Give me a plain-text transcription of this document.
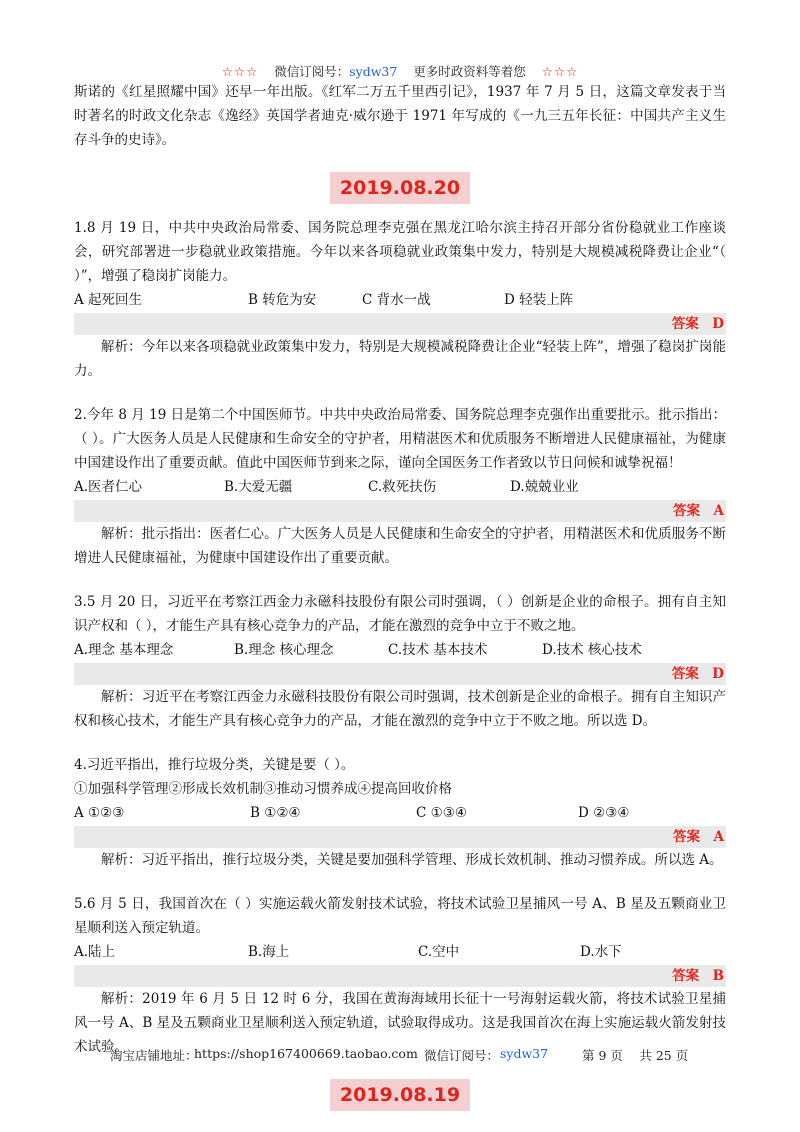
☆☆☆ 微信订阅号：sydw37 更多时政资料等着您 ☆☆☆

斯诺的《红星照耀中国》还早一年出版。《红军二万五千里西引记》，1937 年 7 月 5 日，这篇文章发表于当时著名的时政文化杂志《逸经》英国学者迪克·威尔逊于 1971 年写成的《一九三五年长征：中国共产主义生存斗争的史诗》。

2019.08.20

1.8 月 19 日，中共中央政治局常委、国务院总理李克强在黑龙江哈尔滨主持召开部分省份稳就业工作座谈会，研究部署进一步稳就业政策措施。今年以来各项稳就业政策集中发力，特别是大规模减税降费让企业“（ ）”，增强了稳岗扩岗能力。

A 起死回生	B 转危为安	C 背水一战	D 轻装上阵
答案　D

解析：今年以来各项稳就业政策集中发力，特别是大规模减税降费让企业“轻装上阵”，增强了稳岗扩岗能力。

2.今年 8 月 19 日是第二个中国医师节。中共中央政治局常委、国务院总理李克强作出重要批示。批示指出：（ ）。广大医务人员是人民健康和生命安全的守护者，用精湛医术和优质服务不断增进人民健康福祉，为健康中国建设作出了重要贡献。值此中国医师节到来之际，谨向全国医务工作者致以节日问候和诚挚祝福！

A.医者仁心	B.大爱无疆	C.救死扶伤	D.兢兢业业
答案　A

解析：批示指出：医者仁心。广大医务人员是人民健康和生命安全的守护者，用精湛医术和优质服务不断增进人民健康福祉，为健康中国建设作出了重要贡献。

3.5 月 20 日，习近平在考察江西金力永磁科技股份有限公司时强调，（ ）创新是企业的命根子。拥有自主知识产权和（ ），才能生产具有核心竞争力的产品，才能在激烈的竞争中立于不败之地。

A.理念 基本理念	B.理念 核心理念	C.技术 基本技术	D.技术 核心技术
答案　D

解析：习近平在考察江西金力永磁科技股份有限公司时强调，技术创新是企业的命根子。拥有自主知识产权和核心技术，才能生产具有核心竞争力的产品，才能在激烈的竞争中立于不败之地。所以选 D。

4.习近平指出，推行垃圾分类，关键是要（ ）。

①加强科学管理②形成长效机制③推动习惯养成④提高回收价格

A ①②③	B ①②④	C ①③④	D ②③④
答案　A

解析：习近平指出，推行垃圾分类，关键是要加强科学管理、形成长效机制、推动习惯养成。所以选 A。

5.6 月 5 日，我国首次在（ ）实施运载火箭发射技术试验，将技术试验卫星捕风一号 A、B 星及五颗商业卫星顺利送入预定轨道。

A.陆上	B.海上	C.空中	D.水下
答案　B

解析：2019 年 6 月 5 日 12 时 6 分，我国在黄海海域用长征十一号海射运载火箭，将技术试验卫星捕风一号 A、B 星及五颗商业卫星顺利送入预定轨道，试验取得成功。这是我国首次在海上实施运载火箭发射技术试验。

2019.08.19
淘宝店铺地址：
https://shop167400669.taobao.com 微信订阅号： sydw37	第 9 页　 共 25 页
